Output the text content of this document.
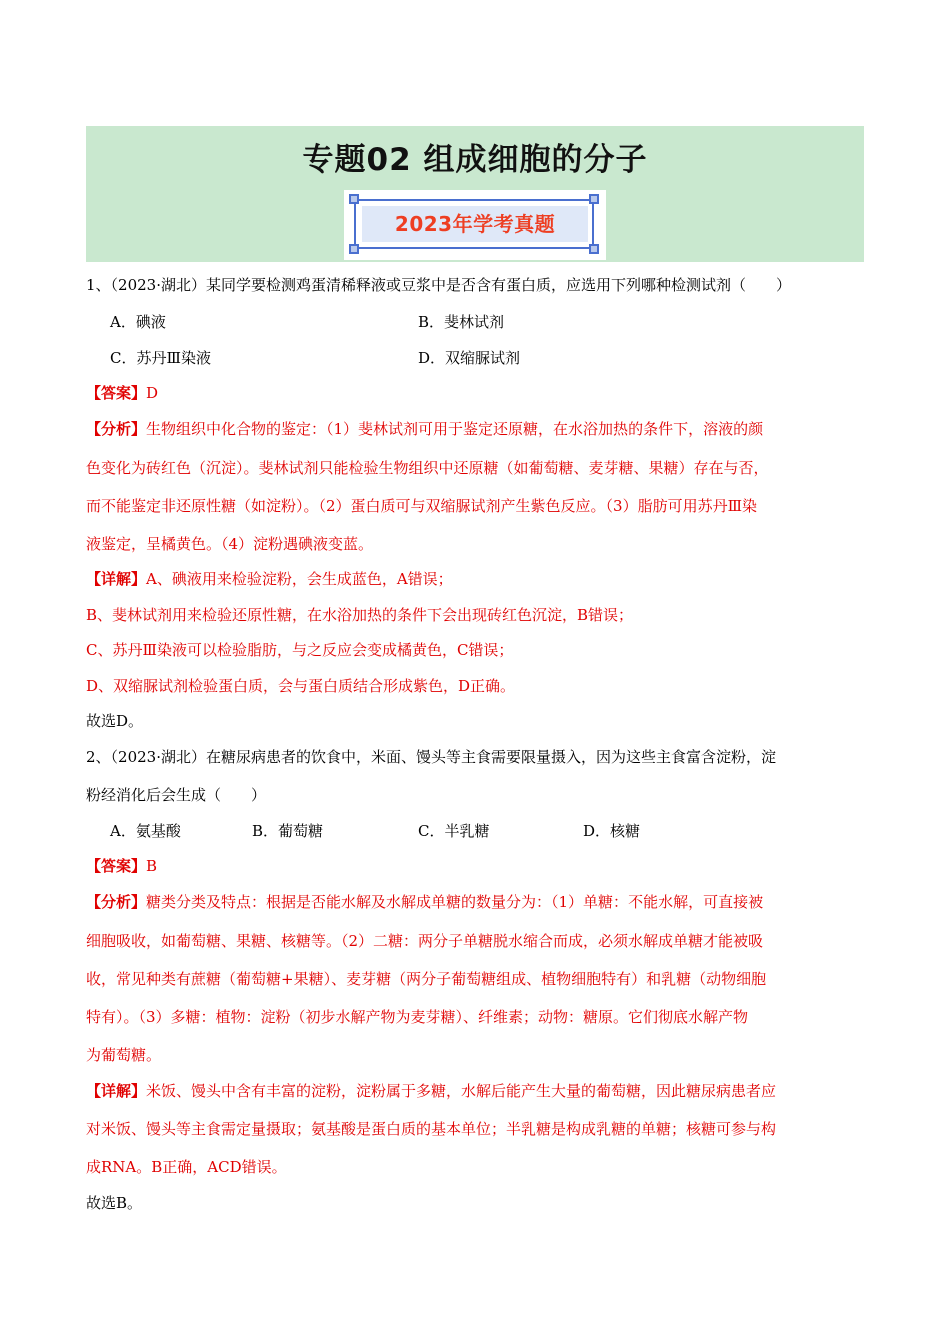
专题02 组成细胞的分子
2023年学考真题
1、（2023·湖北）某同学要检测鸡蛋清稀释液或豆浆中是否含有蛋白质，应选用下列哪种检测试剂（　　）
A．碘液	B．斐林试剂
C．苏丹Ⅲ染液	D．双缩脲试剂
【答案】D
【分析】生物组织中化合物的鉴定：（1）斐林试剂可用于鉴定还原糖，在水浴加热的条件下，溶液的颜
色变化为砖红色（沉淀）。斐林试剂只能检验生物组织中还原糖（如葡萄糖、麦芽糖、果糖）存在与否，
而不能鉴定非还原性糖（如淀粉）。（2）蛋白质可与双缩脲试剂产生紫色反应。（3）脂肪可用苏丹Ⅲ染
液鉴定，呈橘黄色。（4）淀粉遇碘液变蓝。
【详解】A、碘液用来检验淀粉，会生成蓝色，A错误；
B、斐林试剂用来检验还原性糖，在水浴加热的条件下会出现砖红色沉淀，B错误；
C、苏丹Ⅲ染液可以检验脂肪，与之反应会变成橘黄色，C错误；
D、双缩脲试剂检验蛋白质，会与蛋白质结合形成紫色，D正确。
故选D。
2、（2023·湖北）在糖尿病患者的饮食中，米面、馒头等主食需要限量摄入，因为这些主食富含淀粉，淀
粉经消化后会生成（　　）
A．氨基酸	B．葡萄糖	C．半乳糖	D．核糖
【答案】B
【分析】糖类分类及特点：根据是否能水解及水解成单糖的数量分为：（1）单糖：不能水解，可直接被
细胞吸收，如葡萄糖、果糖、核糖等。（2）二糖：两分子单糖脱水缩合而成，必须水解成单糖才能被吸
收，常见种类有蔗糖（葡萄糖+果糖）、麦芽糖（两分子葡萄糖组成、植物细胞特有）和乳糖（动物细胞
特有）。（3）多糖：植物：淀粉（初步水解产物为麦芽糖）、纤维素；动物：糖原。它们彻底水解产物
为葡萄糖。
【详解】米饭、馒头中含有丰富的淀粉，淀粉属于多糖，水解后能产生大量的葡萄糖，因此糖尿病患者应
对米饭、馒头等主食需定量摄取；氨基酸是蛋白质的基本单位；半乳糖是构成乳糖的单糖；核糖可参与构
成RNA。B正确，ACD错误。
故选B。
